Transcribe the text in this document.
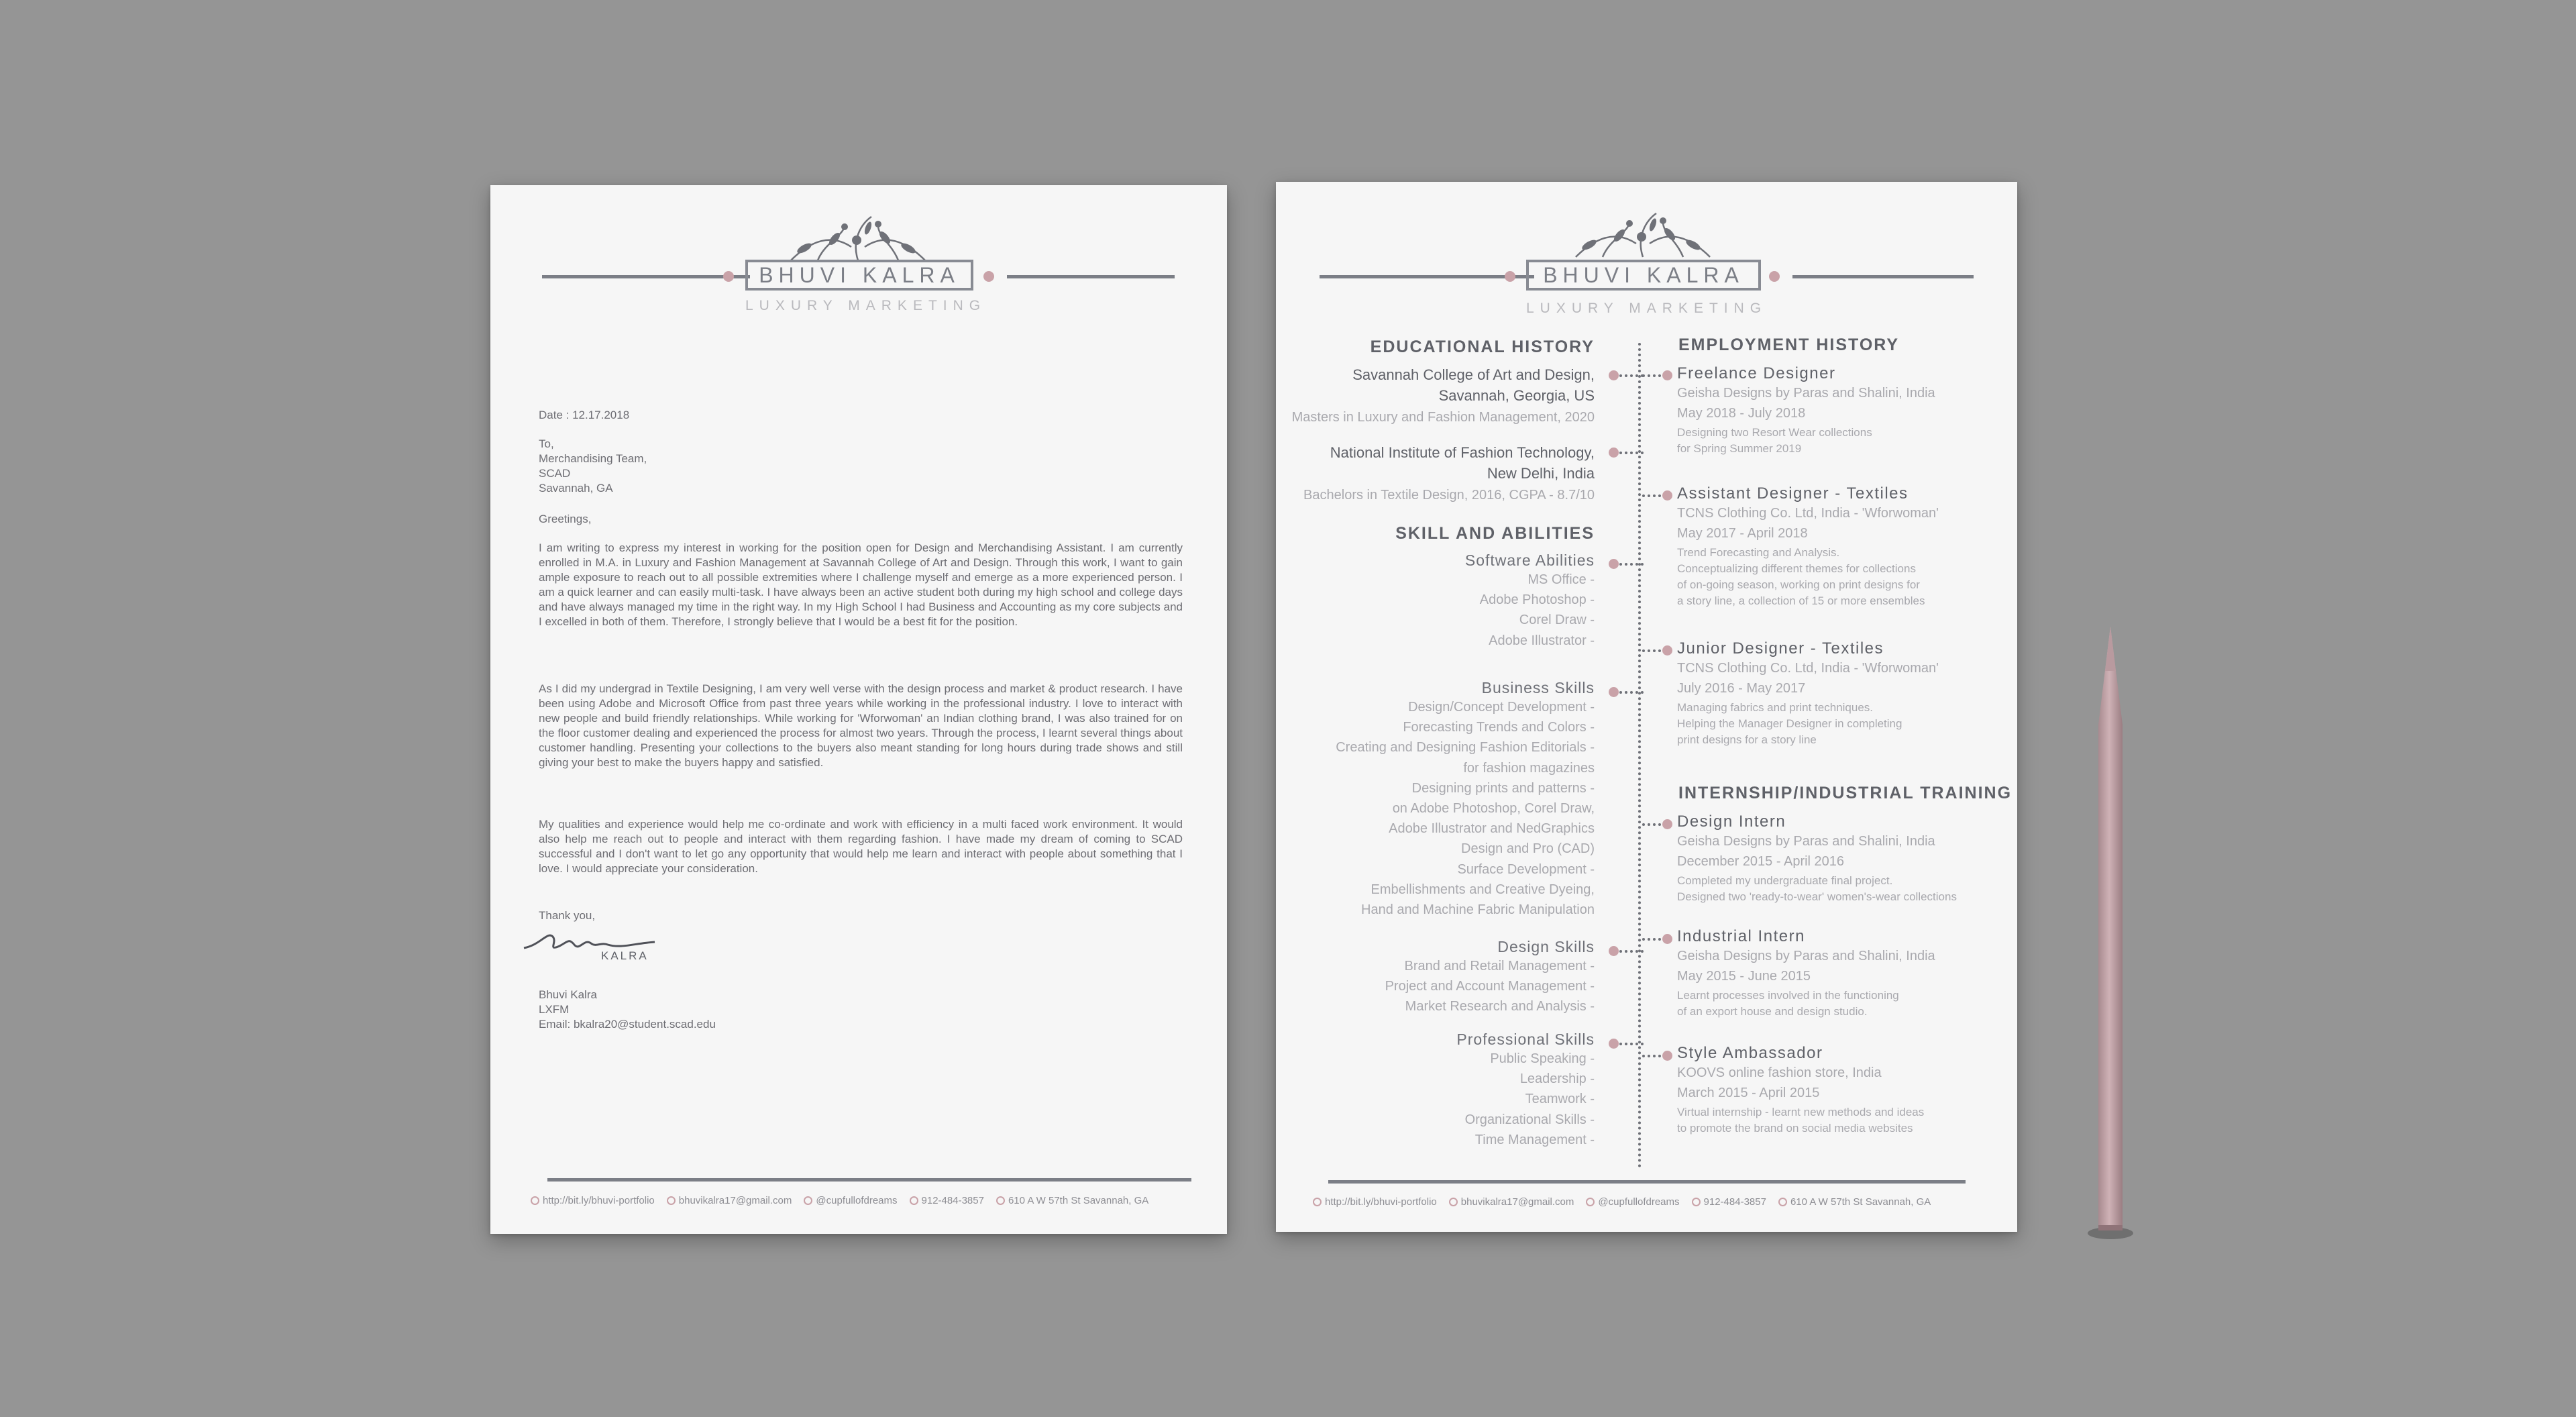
BHUVI KALRA
LUXURY MARKETING
Date : 12.17.2018

To,

Merchandising Team,

SCAD

Savannah, GA

Greetings,
I am writing to express my interest in working for the position open for Design and Merchandising Assistant. I am currently enrolled in M.A. in Luxury and Fashion Management at Savannah College of Art and Design. Through this work, I want to gain ample exposure to reach out to all possible extremities where I challenge myself and emerge as a more experienced person. I am a quick learner and can easily multi-task. I have always been an active student both during my high school and college days and have always managed my time in the right way. In my High School I had Business and Accounting as my core subjects and I excelled in both of them. Therefore, I strongly believe that I would be a best fit for the position.
As I did my undergrad in Textile Designing, I am very well verse with the design process and market & product research. I have been using Adobe and Microsoft Office from past three years while working in the professional industry. I love to interact with new people and build friendly relationships. While working for 'Wforwoman' an Indian clothing brand, I was also trained for on the floor customer dealing and experienced the process for almost two years. Through the process, I learnt several things about customer handling. Presenting your collections to the buyers also meant standing for long hours during trade shows and still giving your best to make the buyers happy and satisfied.
My qualities and experience would help me co-ordinate and work with efficiency in a multi faced work environment. It would also help me reach out to people and interact with them regarding fashion. I have made my dream of coming to SCAD successful and I don't want to let go any opportunity that would help me learn and interact with people about something that I love. I would appreciate your consideration.
Thank you,
KALRA

Bhuvi Kalra

LXFM

Email: bkalra20@student.scad.edu

http://bit.ly/bhuvi-portfolio bhuvikalra17@gmail.com @cupfullofdreams 912-484-3857 610 A W 57th St Savannah, GA
BHUVI KALRA
LUXURY MARKETING
EDUCATIONAL HISTORY
Savannah College of Art and Design,
Savannah, Georgia, US
Masters in Luxury and Fashion Management, 2020
National Institute of Fashion Technology,
New Delhi, India
Bachelors in Textile Design, 2016, CGPA - 8.7/10
SKILL AND ABILITIES
Software Abilities
MS Office -
Adobe Photoshop -
Corel Draw -
Adobe Illustrator -
Business Skills
Design/Concept Development -
Forecasting Trends and Colors -
Creating and Designing Fashion Editorials -
for fashion magazines
Designing prints and patterns -
on Adobe Photoshop, Corel Draw,
Adobe Illustrator and NedGraphics
Design and Pro (CAD)
Surface Development -
Embellishments and Creative Dyeing,
Hand and Machine Fabric Manipulation
Design Skills
Brand and Retail Management -
Project and Account Management -
Market Research and Analysis -
Professional Skills
Public Speaking -
Leadership -
Teamwork -
Organizational Skills -
Time Management -
EMPLOYMENT HISTORY
Freelance Designer
Geisha Designs by Paras and Shalini, India
May 2018 - July 2018
Designing two Resort Wear collections
for Spring Summer 2019
Assistant Designer - Textiles
TCNS Clothing Co. Ltd, India - 'Wforwoman'
May 2017 - April 2018
Trend Forecasting and Analysis.
Conceptualizing different themes for collections
of on-going season, working on print designs for
a story line, a collection of 15 or more ensembles
Junior Designer - Textiles
TCNS Clothing Co. Ltd, India - 'Wforwoman'
July 2016 - May 2017
Managing fabrics and print techniques.
Helping the Manager Designer in completing
print designs for a story line
INTERNSHIP/INDUSTRIAL TRAINING
Design Intern
Geisha Designs by Paras and Shalini, India
December 2015 - April 2016
Completed my undergraduate final project.
Designed two 'ready-to-wear' women's-wear collections
Industrial Intern
Geisha Designs by Paras and Shalini, India
May 2015 - June 2015
Learnt processes involved in the functioning
of an export house and design studio.
Style Ambassador
KOOVS online fashion store, India
March 2015 - April 2015
Virtual internship - learnt new methods and ideas
to promote the brand on social media websites
http://bit.ly/bhuvi-portfolio bhuvikalra17@gmail.com @cupfullofdreams 912-484-3857 610 A W 57th St Savannah, GA
